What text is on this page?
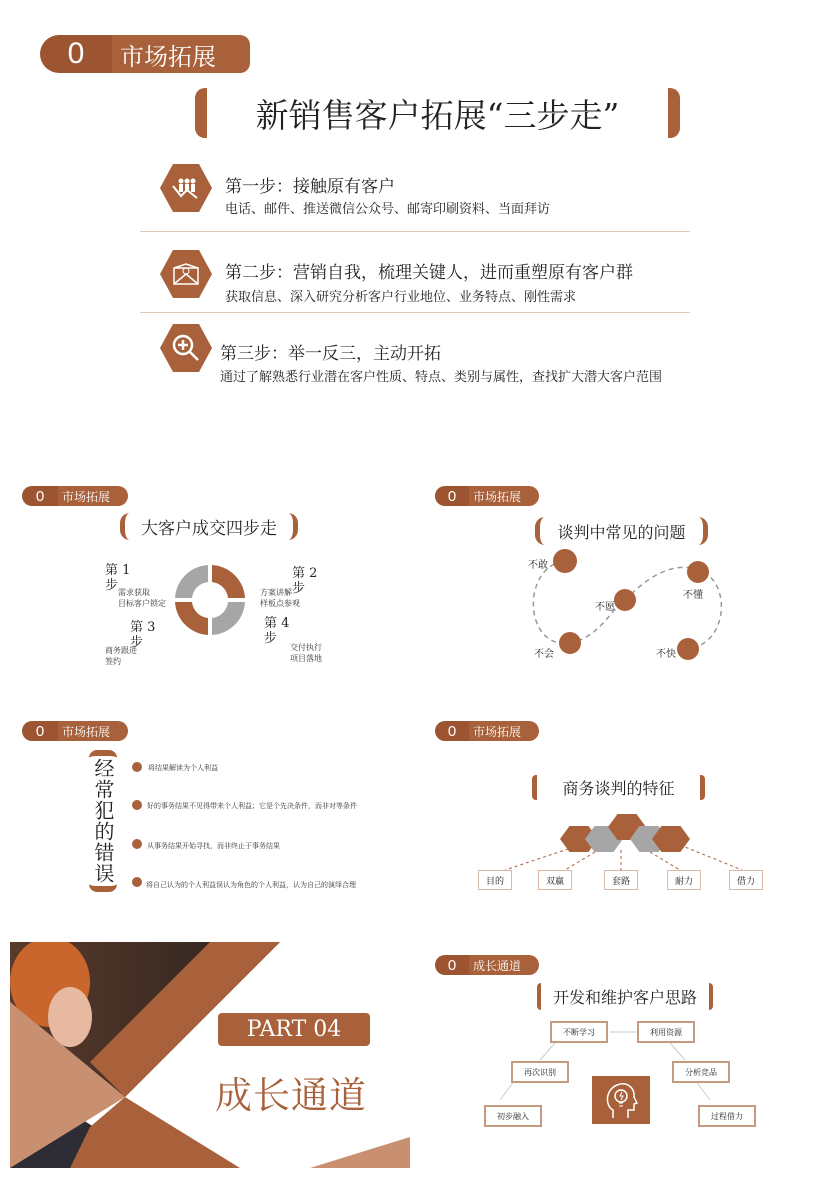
0	市场拓展
新销售客户拓展“三步走”
第一步：接触原有客户
电话、邮件、推送微信公众号、邮寄印刷资料、当面拜访
第二步：营销自我，梳理关键人，进而重塑原有客户群
获取信息、深入研究分析客户行业地位、业务特点、刚性需求
第三步：举一反三，主动开拓
通过了解熟悉行业潜在客户性质、特点、类别与属性，查找扩大潜大客户范围
0	市场拓展
大客户成交四步走
第 1 步 需求获取
目标客户锁定
第 2 步
方案讲解
样板点参观
第 3 步
商务跟进
签约
第 4 步
交付执行
项目落地
0	市场拓展
谈判中常见的问题
不敢
不愿
不会
不懂
不快
0	市场拓展
经常犯的错误	将结果解读为个人利益
好的事务结果不见得带来个人利益；它是个先决条件，而非对等条件
从事务结果开始寻找，而非终止于事务结果
将自己认为的个人利益误认为角色的个人利益，认为自己的演绎合理
0	市场拓展
商务谈判的特征
目的	双赢	套路	耐力	借力
PART 04
成长通道
0	成长通道
开发和维护客户思路
不断学习	利用资源
再次识别	分析竞品
初步融入	过程借力
